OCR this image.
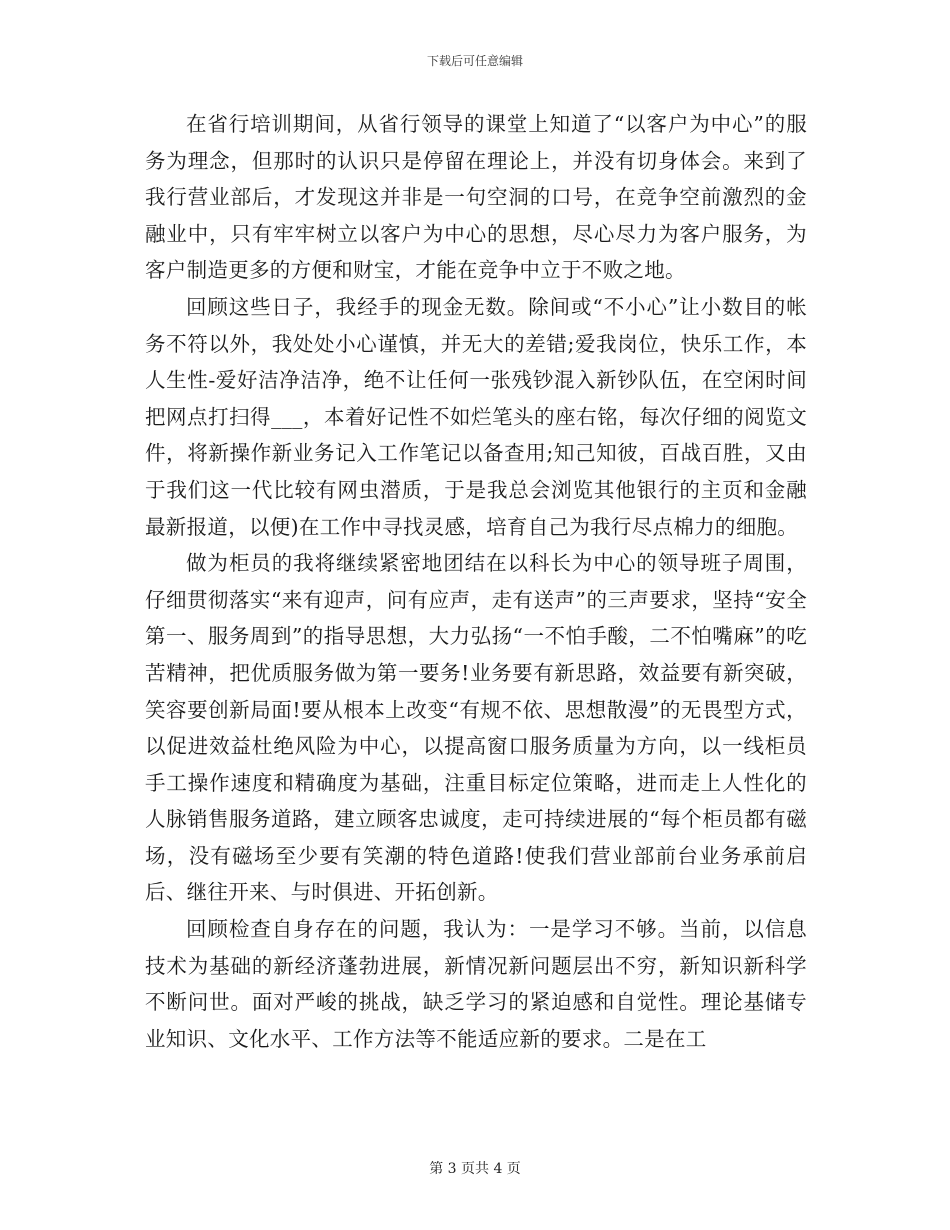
下载后可任意编辑

在省行培训期间，从省行领导的课堂上知道了“以客户为中心”的服务为理念，但那时的认识只是停留在理论上，并没有切身体会。来到了我行营业部后，才发现这并非是一句空洞的口号，在竞争空前激烈的金融业中，只有牢牢树立以客户为中心的思想，尽心尽力为客户服务，为客户制造更多的方便和财宝，才能在竞争中立于不败之地。

回顾这些日子，我经手的现金无数。除间或“不小心”让小数目的帐务不符以外，我处处小心谨慎，并无大的差错;爱我岗位，快乐工作，本人生性-爱好洁净洁净，绝不让任何一张残钞混入新钞队伍，在空闲时间把网点打扫得___，本着好记性不如烂笔头的座右铭，每次仔细的阅览文件，将新操作新业务记入工作笔记以备查用;知己知彼，百战百胜，又由于我们这一代比较有网虫潜质，于是我总会浏览其他银行的主页和金融最新报道，以便)在工作中寻找灵感，培育自己为我行尽点棉力的细胞。

做为柜员的我将继续紧密地团结在以科长为中心的领导班子周围，仔细贯彻落实“来有迎声，问有应声，走有送声”的三声要求，坚持“安全第一、服务周到”的指导思想，大力弘扬“一不怕手酸，二不怕嘴麻”的吃苦精神，把优质服务做为第一要务!业务要有新思路，效益要有新突破，笑容要创新局面!要从根本上改变“有规不依、思想散漫”的无畏型方式，以促进效益杜绝风险为中心，以提高窗口服务质量为方向，以一线柜员手工操作速度和精确度为基础，注重目标定位策略，进而走上人性化的人脉销售服务道路，建立顾客忠诚度，走可持续进展的“每个柜员都有磁场，没有磁场至少要有笑潮的特色道路!使我们营业部前台业务承前启后、继往开来、与时俱进、开拓创新。

回顾检查自身存在的问题，我认为：一是学习不够。当前，以信息技术为基础的新经济蓬勃进展，新情况新问题层出不穷，新知识新科学不断问世。面对严峻的挑战，缺乏学习的紧迫感和自觉性。理论基储专业知识、文化水平、工作方法等不能适应新的要求。二是在工

第 3 页共 4 页
